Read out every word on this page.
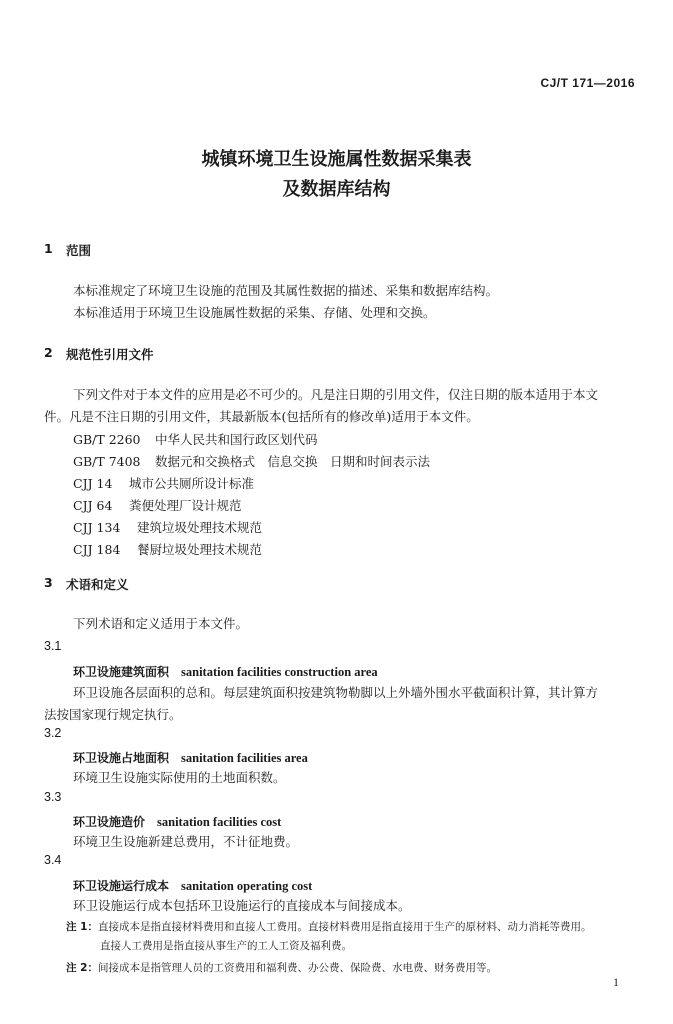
CJ/T 171—2016
城镇环境卫生设施属性数据采集表
及数据库结构
1 范围
本标准规定了环境卫生设施的范围及其属性数据的描述、采集和数据库结构。
本标准适用于环境卫生设施属性数据的采集、存储、处理和交换。
2 规范性引用文件
下列文件对于本文件的应用是必不可少的。凡是注日期的引用文件，仅注日期的版本适用于本文
件。凡是不注日期的引用文件，其最新版本(包括所有的修改单)适用于本文件。
GB/T 2260 中华人民共和国行政区划代码
GB/T 7408 数据元和交换格式　信息交换　日期和时间表示法
CJJ 14 城市公共厕所设计标准
CJJ 64 粪便处理厂设计规范
CJJ 134 建筑垃圾处理技术规范
CJJ 184 餐厨垃圾处理技术规范
3 术语和定义
下列术语和定义适用于本文件。
3.1
环卫设施建筑面积 sanitation facilities construction area
环卫设施各层面积的总和。每层建筑面积按建筑物勒脚以上外墙外围水平截面积计算，其计算方
法按国家现行规定执行。
3.2
环卫设施占地面积 sanitation facilities area
环境卫生设施实际使用的土地面积数。
3.3
环卫设施造价 sanitation facilities cost
环境卫生设施新建总费用，不计征地费。
3.4
环卫设施运行成本 sanitation operating cost
环卫设施运行成本包括环卫设施运行的直接成本与间接成本。
注 1：直接成本是指直接材料费用和直接人工费用。直接材料费用是指直接用于生产的原材料、动力消耗等费用。
直接人工费用是指直接从事生产的工人工资及福利费。
注 2：间接成本是指管理人员的工资费用和福利费、办公费、保险费、水电费、财务费用等。
1
